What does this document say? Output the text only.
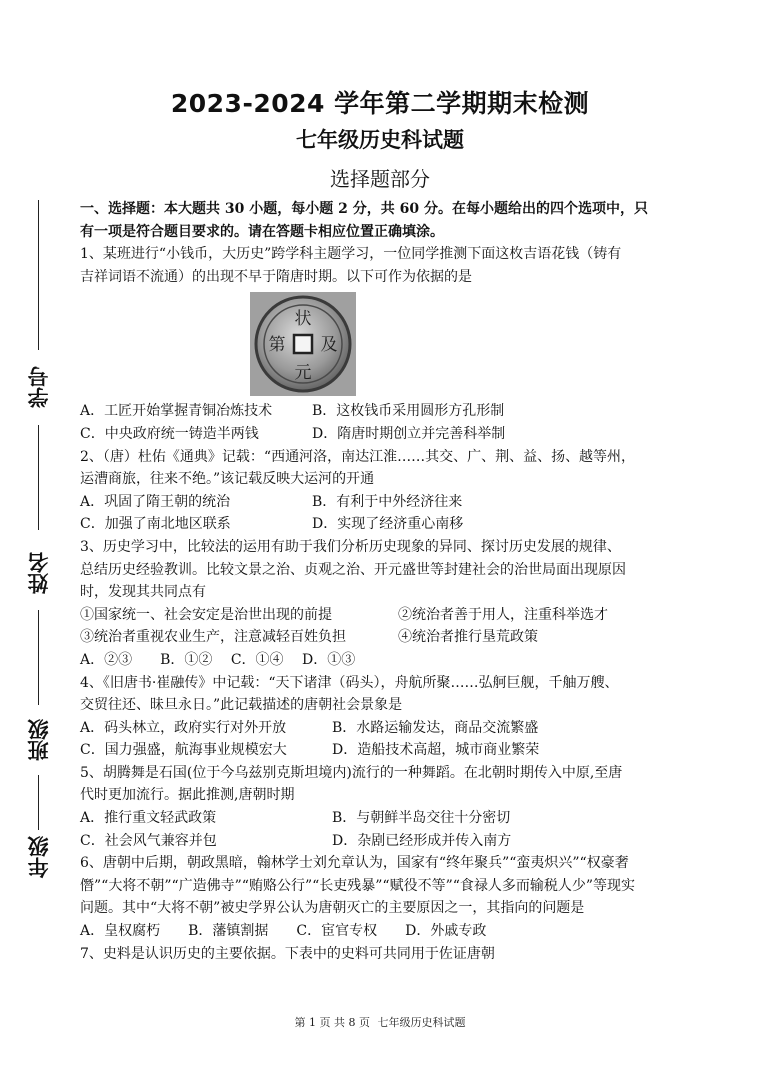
学号
姓名
班级
年级
2023-2024 学年第二学期期末检测
七年级历史科试题
选择题部分

一、选择题：本大题共 30 小题，每小题 2 分，共 60 分。在每小题给出的四个选项中，只

有一项是符合题目要求的。请在答题卡相应位置正确填涂。

1、某班进行“小钱币，大历史”跨学科主题学习，一位同学推测下面这枚吉语花钱（铸有

吉祥词语不流通）的出现不早于隋唐时期。以下可作为依据的是

状
元
及
第
A．工匠开始掌握青铜冶炼技术	B．这枚钱币采用圆形方孔形制
C．中央政府统一铸造半两钱	D．隋唐时期创立并完善科举制

2、（唐）杜佑《通典》记载：“西通河洛，南达江淮……其交、广、荆、益、扬、越等州，

运漕商旅，往来不绝。”该记载反映大运河的开通

A．巩固了隋王朝的统治	B．有利于中外经济往来
C．加强了南北地区联系	D．实现了经济重心南移

3、历史学习中，比较法的运用有助于我们分析历史现象的异同、探讨历史发展的规律、

总结历史经验教训。比较文景之治、贞观之治、开元盛世等封建社会的治世局面出现原因

时，发现其共同点有

①国家统一、社会安定是治世出现的前提	②统治者善于用人，注重科举选才
③统治者重视农业生产，注意减轻百姓负担	④统治者推行垦荒政策

A．②③　　B．①②　 C．①④　 D．①③

4、《旧唐书·崔融传》中记载：“天下诸津（码头），舟航所聚……弘舸巨舰，千舳万艘、

交贸往还、昧旦永日。”此记载描述的唐朝社会景象是

A．码头林立，政府实行对外开放	B．水路运输发达，商品交流繁盛
C．国力强盛，航海事业规模宏大	D．造船技术高超，城市商业繁荣

5、胡腾舞是石国(位于今乌兹别克斯坦境内)流行的一种舞蹈。在北朝时期传入中原,至唐

代时更加流行。据此推测,唐朝时期

A．推行重文轻武政策	B．与朝鲜半岛交往十分密切
C．社会风气兼容并包	D．杂剧已经形成并传入南方

6、唐朝中后期，朝政黑暗，翰林学士刘允章认为，国家有“终年聚兵”“蛮夷炽兴”“权豪奢

僭”“大将不朝”“广造佛寺”“贿赂公行”“长吏残暴”“赋役不等”“食禄人多而输税人少”等现实

问题。其中“大将不朝”被史学界公认为唐朝灭亡的主要原因之一，其指向的问题是

A．皇权腐朽　　B．藩镇割据　　C．宦官专权　　D．外戚专政

7、史料是认识历史的主要依据。下表中的史料可共同用于佐证唐朝

第 1 页 共 8 页 七年级历史科试题
